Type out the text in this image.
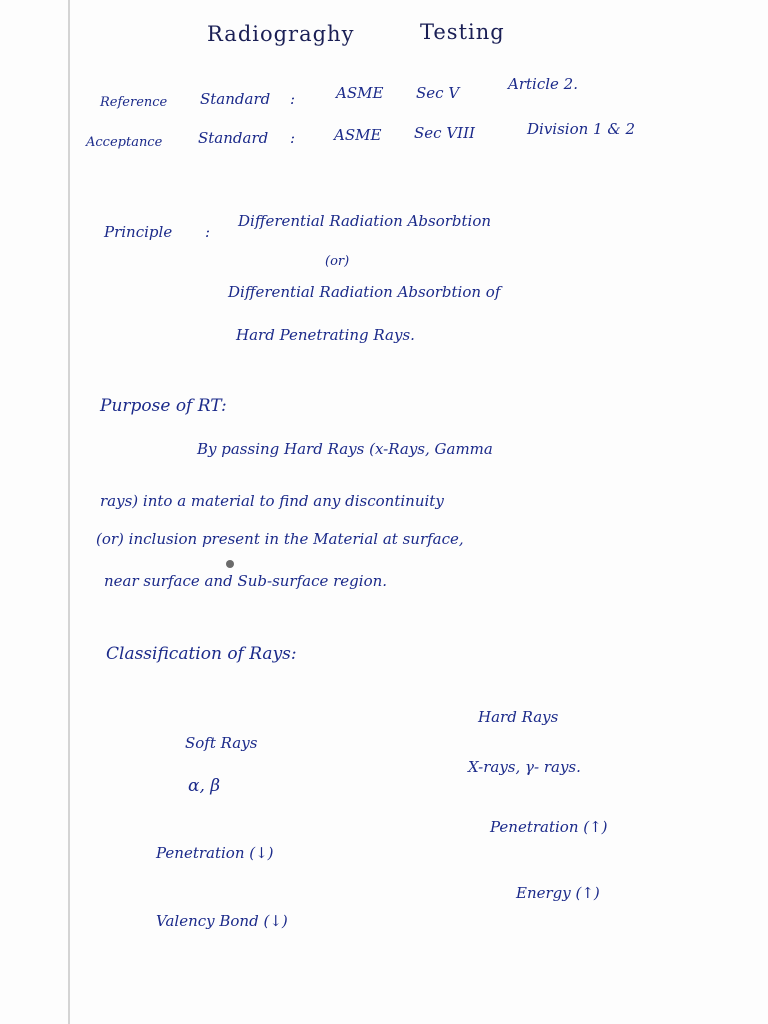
Radiograghy	Testing
Reference Standard :	ASME Sec V	Article 2.
Acceptance Standard :	ASME Sec VIII	Division 1 & 2
Principle :
Differential Radiation Absorbtion
(or)
Differential Radiation Absorbtion of
Hard Penetrating Rays.
Purpose of RT:
By passing Hard Rays (x-Rays, Gamma
rays) into a material to find any discontinuity
(or) inclusion present in the Material at surface,
near surface and Sub-surface region.
Classification of Rays:
Soft Rays
α, β
Penetration (↓)
Valency Bond (↓)
Hard Rays
X-rays, γ- rays.
Penetration (↑)
Energy (↑)
